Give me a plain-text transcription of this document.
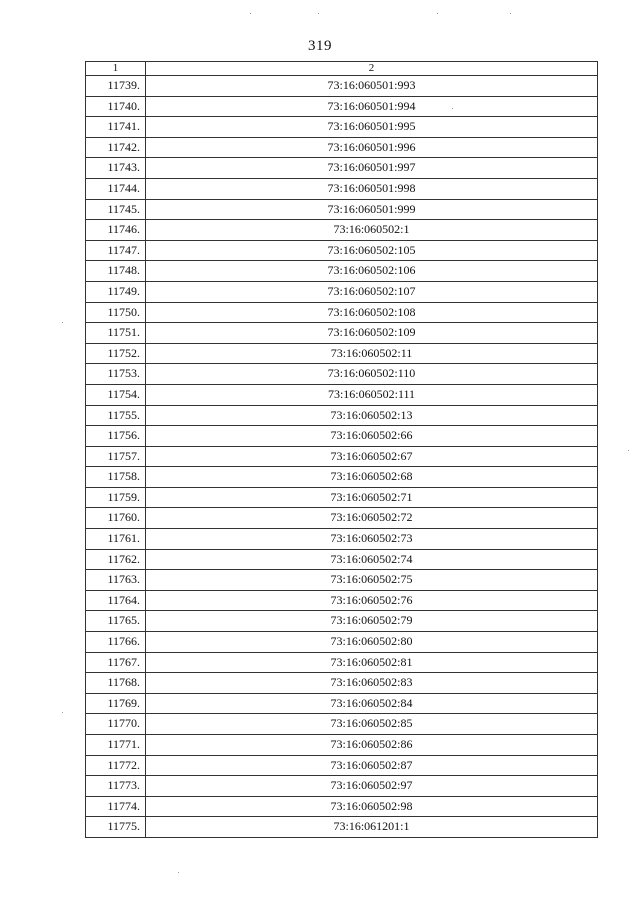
319
1	2
11739.	73:16:060501:993
11740.	73:16:060501:994
11741.	73:16:060501:995
11742.	73:16:060501:996
11743.	73:16:060501:997
11744.	73:16:060501:998
11745.	73:16:060501:999
11746.	73:16:060502:1
11747.	73:16:060502:105
11748.	73:16:060502:106
11749.	73:16:060502:107
11750.	73:16:060502:108
11751.	73:16:060502:109
11752.	73:16:060502:11
11753.	73:16:060502:110
11754.	73:16:060502:111
11755.	73:16:060502:13
11756.	73:16:060502:66
11757.	73:16:060502:67
11758.	73:16:060502:68
11759.	73:16:060502:71
11760.	73:16:060502:72
11761.	73:16:060502:73
11762.	73:16:060502:74
11763.	73:16:060502:75
11764.	73:16:060502:76
11765.	73:16:060502:79
11766.	73:16:060502:80
11767.	73:16:060502:81
11768.	73:16:060502:83
11769.	73:16:060502:84
11770.	73:16:060502:85
11771.	73:16:060502:86
11772.	73:16:060502:87
11773.	73:16:060502:97
11774.	73:16:060502:98
11775.	73:16:061201:1
